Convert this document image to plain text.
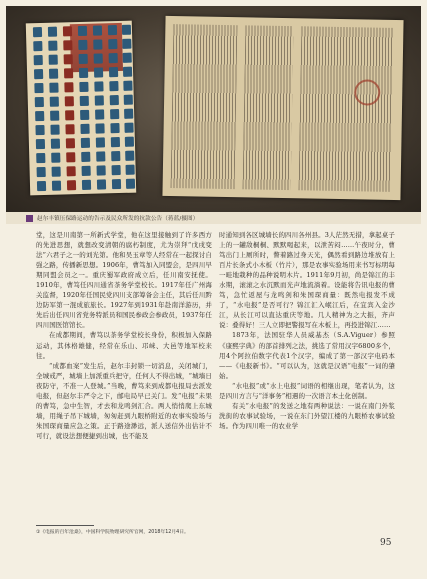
赵尔丰镇压保路运动的告示及民众所发的抗款公告（蒋蓝/摄图）

堂，这是川南第一所新式学堂，他在这里接触到了许多西方的先进思想，就想改变清朝的腐朽制度，尤为崇拜“戊戌变法”六君子之一的刘光第。他和吴玉章等人经常在一起探讨自强之路，传播新思想。1906年，曹笃加入同盟会，是四川早期同盟会员之一。重庆蜀军政府成立后，任川南安抚使。1910年，曹笃任四川通省茶务学堂校长。1917年任广州海关监督，1920年任国民党四川支部筹备会主任，其后任川黔边防军第一混成旅旅长。1927年到1931年赴南洋游历，并先后出任四川省党务特派员和国民参政会参政员，1937年任四川国医馆馆长。

在成都期间，曹笃以茶务学堂校长身份，积极加入保路运动，其体格雄健，经常在乐山、邛崃、大邑等地军校来往。

“成都血案”发生后，赵尔丰封锁一切消息，关闭城门，全城戒严，城墙上加派重兵把守，任何人不得出城，“城墙日夜防守，不准一人登城。”当晚，曹笃来到成都电报局去派发电报，但赵尔丰严令之下，邮电局早已关门。发“电报”未果的曹笃，急中生智，才去和龙鸣剑汇合。两人悄悄爬上东城墙，用绳子吊下城墙，匆匆赶到九眼桥附近的农事实验场与朱国琛商量应急之策。正于路途渺远，派人送信外出估计不可行，就设法想便捷到出城，也不能及

时通知到各区城墙长的四川各州县。3人茫然无措，拿起桌子上的一罐敌桐桐、默默喝起来，以泄苦闷……午夜时分，曹笃出门上厕所时，瞥着路过身天光，偶然看到路边堆放有上百片长条式小木板（竹片），那是农事实验场用来书写标明每一畦地栽种的品种说明木片。1911年9月初，尚是锦江的丰水期，滚滚之水沉默而光声地流淌着。设能将告讯电报的曹笃，急忙返屋与龙鸣剑和朱国琛商量：既然电报发不成了，“水电报”是否可行？锦江汇入岷江后，在宜宾入金沙江，从长江可以直达重庆等地。几人精神为之大振，齐声说：叠得好！三人立即把警报写在木板上，再投进锦江……

1873年，法国驻华人员威基杰（S.A.Viguer）参照《康熙字典》的部首排列之法，挑选了常用汉字6800多个，用4个阿拉伯数字代表1个汉字，编成了第一部汉字电码本——《电报新书》。“可以认为，这就是汉语“电报”一词的肇始。

“水电报”或“水上电报”词语的相继出现，笔者认为，这是四川方言与“洋事务”相遇的一次语言本土化创制。

有关“水电报”的发送之地有两种说法：一说在南门外浆洗街的农事试验场，一说在东门外望江楼的九眼桥农事试验场。作为四川唯一的农业学

①《电报的百年沧桑》，中国科学院物理研究所官网，2018年12月4日。
95
